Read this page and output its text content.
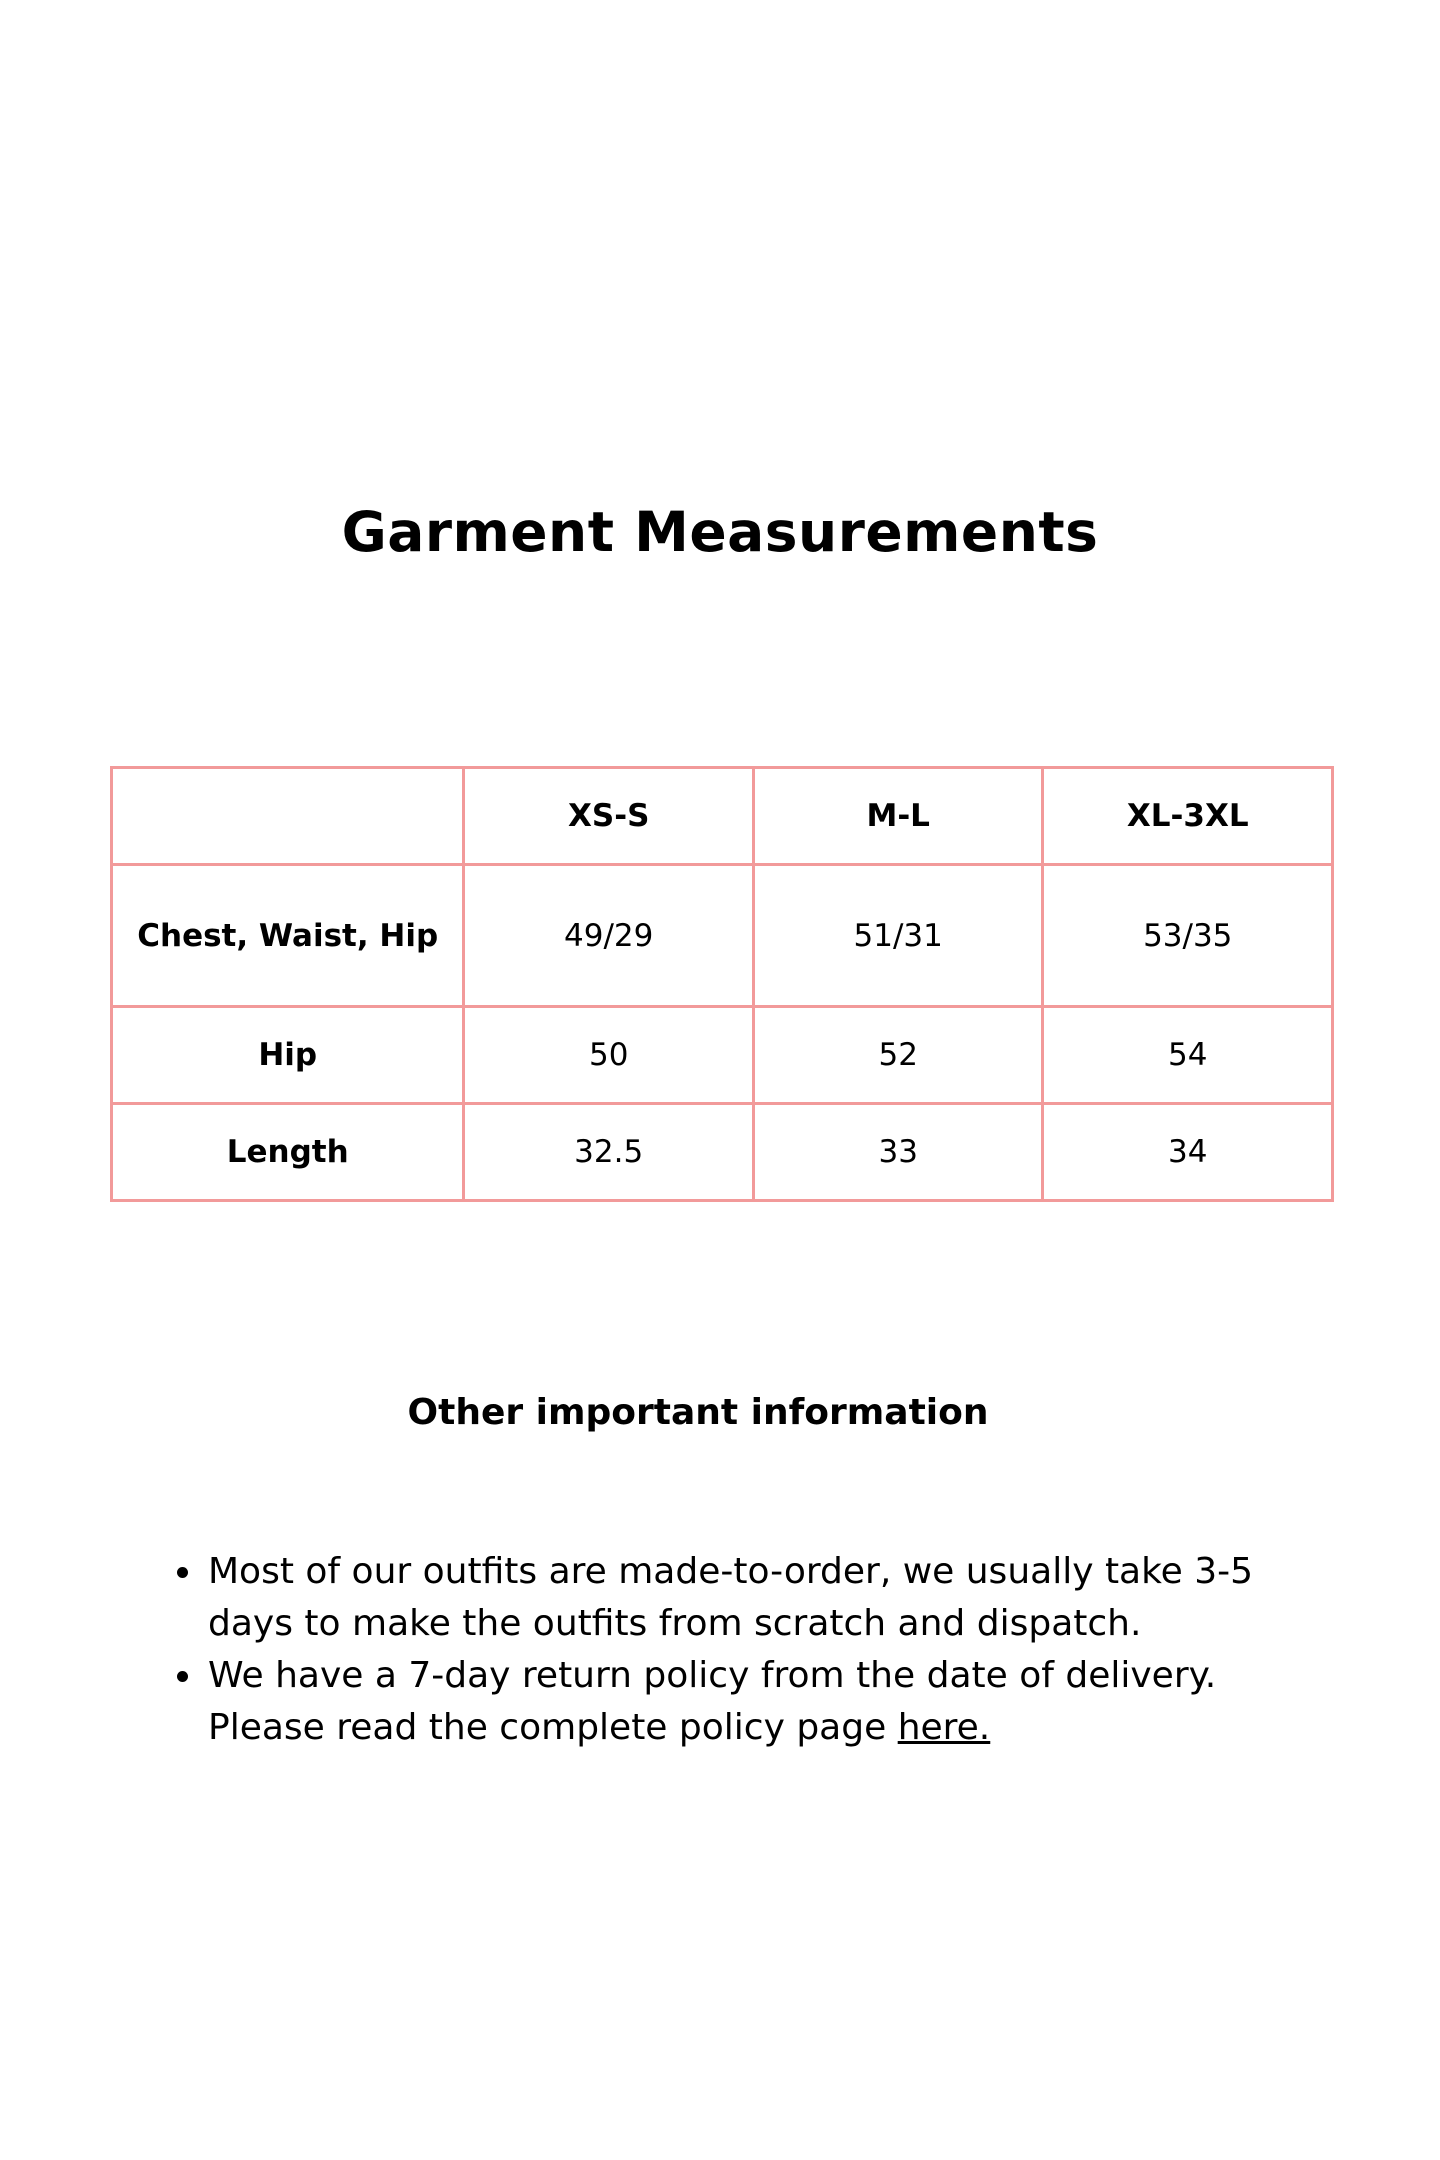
Garment Measurements
	XS-S	M-L	XL-3XL
Chest, Waist, Hip	49/29	51/31	53/35
Hip	50	52	54
Length	32.5	33	34
Other important information
Most of our outfits are made-to-order, we usually take 3-5 days to make the outfits from scratch and dispatch.
We have a 7-day return policy from the date of delivery. Please read the complete policy page here.
